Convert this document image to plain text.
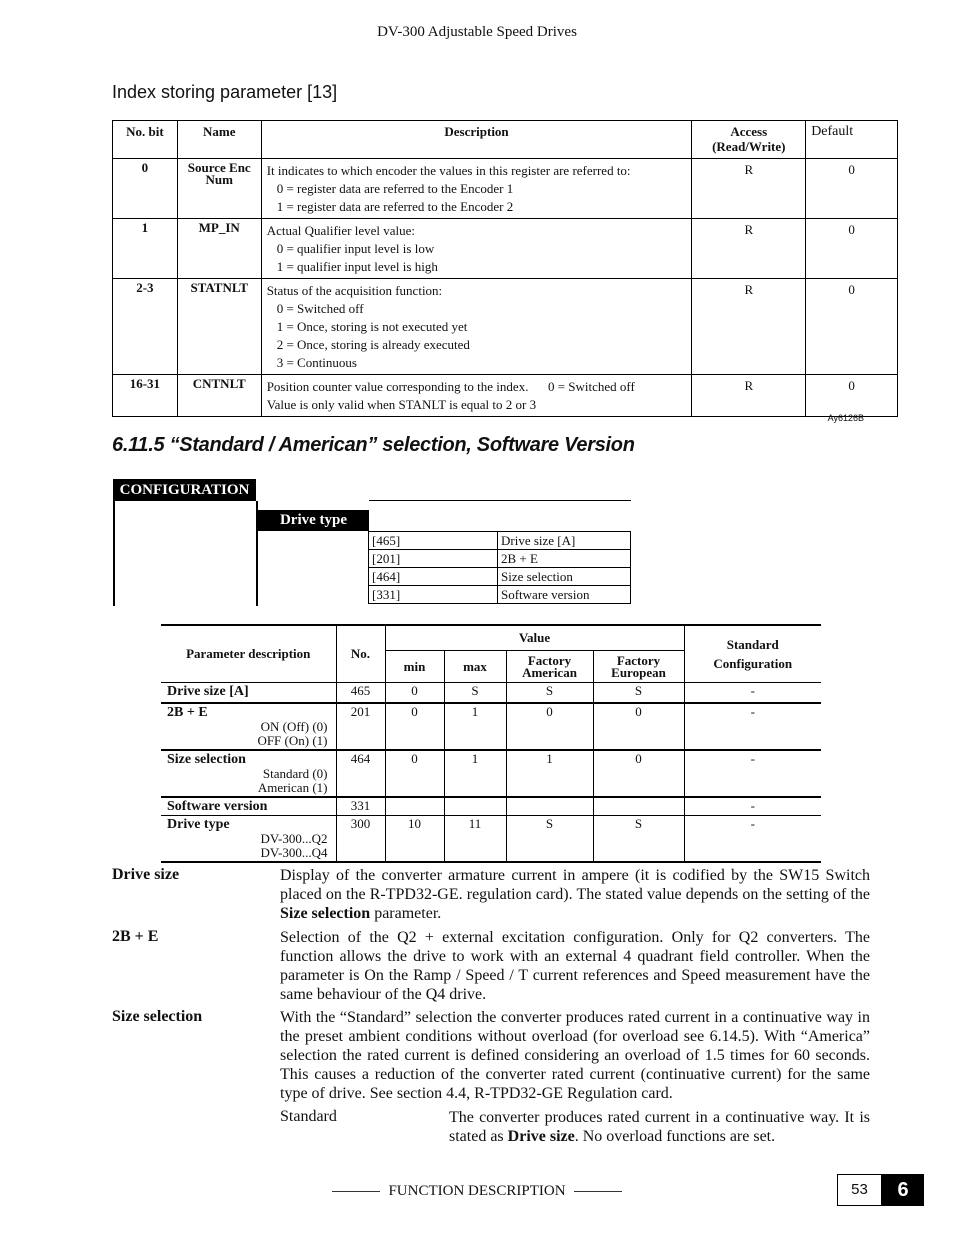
DV-300 Adjustable Speed Drives
Index storing parameter [13]
No. bit	Name	Description	Access (Read/Write)	Default
0	Source Enc Num	It indicates to which encoder the values in this register are referred to:
0 = register data are referred to the Encoder 1
1 = register data are referred to the Encoder 2	R	0
1	MP_IN	Actual Qualifier level value:
0 = qualifier input level is low
1 = qualifier input level is high	R	0
2-3	STATNLT	Status of the acquisition function:
0 = Switched off
1 = Once, storing is not executed yet
2 = Once, storing is already executed
3 = Continuous	R	0
16-31	CNTNLT	Position counter value corresponding to the index.      0 = Switched off
Value is only valid when STANLT is equal to 2 or 3	R	0
Ay6126B
6.11.5 “Standard / American” selection, Software Version
CONFIGURATION
Drive type
[465]	Drive size [A]
[201]	2B + E
[464]	Size selection
[331]	Software version
Parameter description	No.	Value				Standard Configuration

		min	max	Factory American	Factory European	

Drive size [A]	465	0	S	S	S	-
2B + E
ON (Off) (0)
OFF (On) (1)	201	0	1	0	0	-
Size selection
Standard (0)
American (1)	464	0	1	1	0	-
Software version	331					-
Drive type
DV-300...Q2
DV-300...Q4	300	10	11	S	S	-
Drive size	Display of the converter armature current in ampere (it is codified by the SW15 Switch placed on the R-TPD32-GE. regulation card). The stated value depends on the setting of the Size selection parameter.
2B + E	Selection of the Q2 + external excitation configuration. Only for Q2 converters. The function allows the drive to work with an external 4 quadrant field controller. When the parameter is On the Ramp / Speed / T current references and Speed measurement have the same behaviour of the Q4 drive.
Size selection	With the “Standard” selection the converter produces rated current in a continuative way in the preset ambient conditions without overload (for overload see 6.14.5). With “America” selection the rated current is defined considering an overload of 1.5 times for 60 seconds. This causes a reduction of the converter rated current (continuative current) for the same type of drive. See section 4.4, R-TPD32-GE Regulation card.
Standard	The converter produces rated current in a continuative way. It is stated as Drive size. No overload functions are set.
FUNCTION DESCRIPTION	53	6
